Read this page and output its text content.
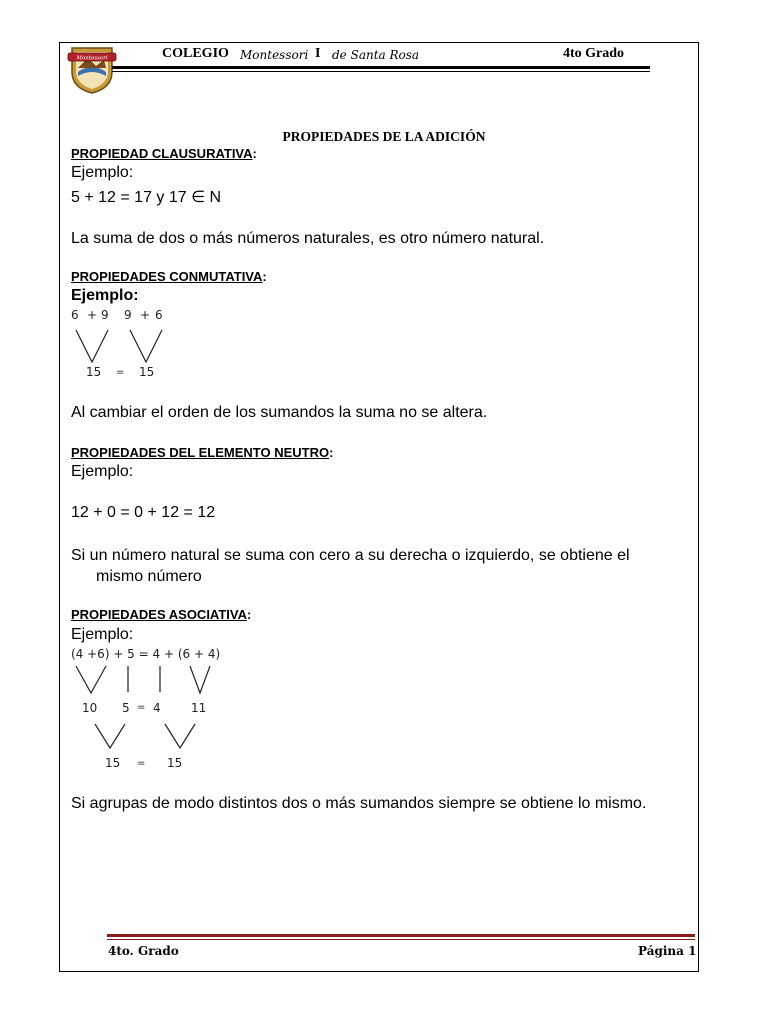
Montessori	COLEGIO Montessori I de Santa Rosa	4to Grado
PROPIEDADES DE LA ADICIÓN
PROPIEDAD CLAUSURATIVA:
Ejemplo:
5 + 12 = 17 y 17 ∈ N
La suma de dos o más números naturales, es otro número natural.
PROPIEDADES CONMUTATIVA:
Ejemplo:
6 + 9 9 + 6
15 = 15
Al cambiar el orden de los sumandos la suma no se altera.
PROPIEDADES DEL ELEMENTO NEUTRO:
Ejemplo:
12 + 0 = 0 + 12 = 12
Si un número natural se suma con cero a su derecha o izquierdo, se obtiene el
mismo número
PROPIEDADES ASOCIATIVA:
Ejemplo:
(4 +6) + 5 = 4 + (6 + 4)
10 5 = 4	11
15 = 15
Si agrupas de modo distintos dos o más sumandos siempre se obtiene lo mismo.
4to. Grado	Página 1
